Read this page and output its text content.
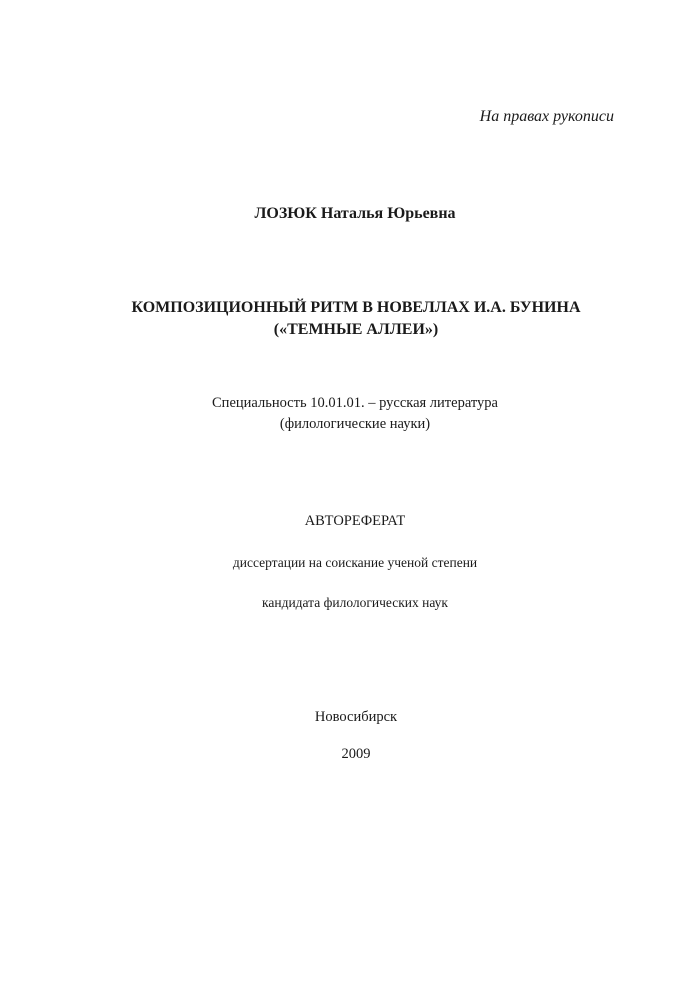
На правах рукописи
ЛОЗЮК Наталья Юрьевна
КОМПОЗИЦИОННЫЙ РИТМ В НОВЕЛЛАХ И.А. БУНИНА
(«ТЕМНЫЕ АЛЛЕИ»)
Специальность 10.01.01. – русская литература
(филологические науки)
АВТОРЕФЕРАТ
диссертации на соискание ученой степени
кандидата филологических наук
Новосибирск
2009
